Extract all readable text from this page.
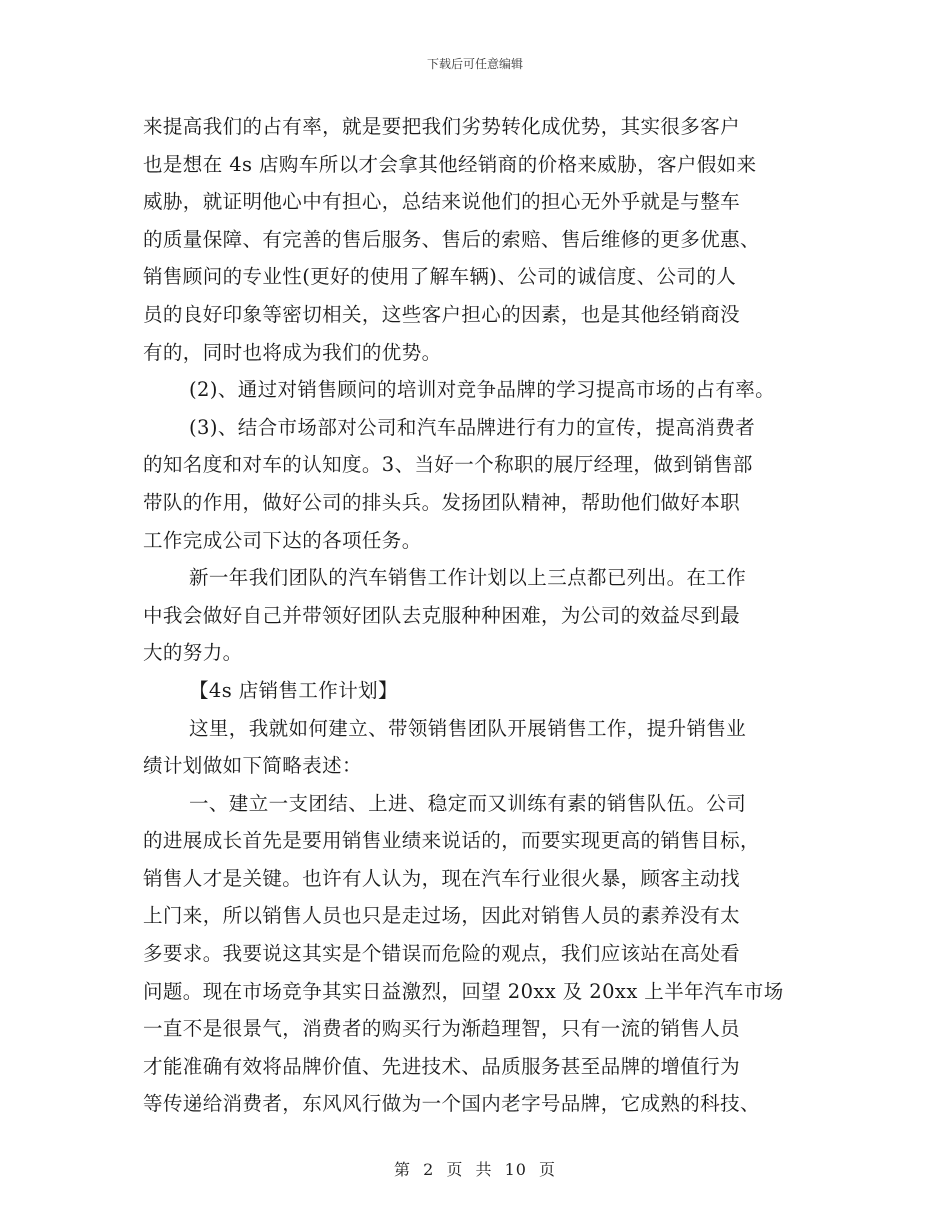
下载后可任意编辑
来提高我们的占有率，就是要把我们劣势转化成优势，其实很多客户
也是想在 4s 店购车所以才会拿其他经销商的价格来威胁，客户假如来
威胁，就证明他心中有担心，总结来说他们的担心无外乎就是与整车
的质量保障、有完善的售后服务、售后的索赔、售后维修的更多优惠、
销售顾问的专业性(更好的使用了解车辆)、公司的诚信度、公司的人
员的良好印象等密切相关，这些客户担心的因素，也是其他经销商没
有的，同时也将成为我们的优势。
(2)、通过对销售顾问的培训对竞争品牌的学习提高市场的占有率。
(3)、结合市场部对公司和汽车品牌进行有力的宣传，提高消费者
的知名度和对车的认知度。3、当好一个称职的展厅经理，做到销售部
带队的作用，做好公司的排头兵。发扬团队精神，帮助他们做好本职
工作完成公司下达的各项任务。
新一年我们团队的汽车销售工作计划以上三点都已列出。在工作
中我会做好自己并带领好团队去克服种种困难，为公司的效益尽到最
大的努力。
【4s 店销售工作计划】
这里，我就如何建立、带领销售团队开展销售工作，提升销售业
绩计划做如下简略表述：
一、建立一支团结、上进、稳定而又训练有素的销售队伍。公司
的进展成长首先是要用销售业绩来说话的，而要实现更高的销售目标，
销售人才是关键。也许有人认为，现在汽车行业很火暴，顾客主动找
上门来，所以销售人员也只是走过场，因此对销售人员的素养没有太
多要求。我要说这其实是个错误而危险的观点，我们应该站在高处看
问题。现在市场竞争其实日益激烈，回望 20xx 及 20xx 上半年汽车市场
一直不是很景气，消费者的购买行为渐趋理智，只有一流的销售人员
才能准确有效将品牌价值、先进技术、品质服务甚至品牌的增值行为
等传递给消费者，东风风行做为一个国内老字号品牌，它成熟的科技、
第 2 页 共 10 页
